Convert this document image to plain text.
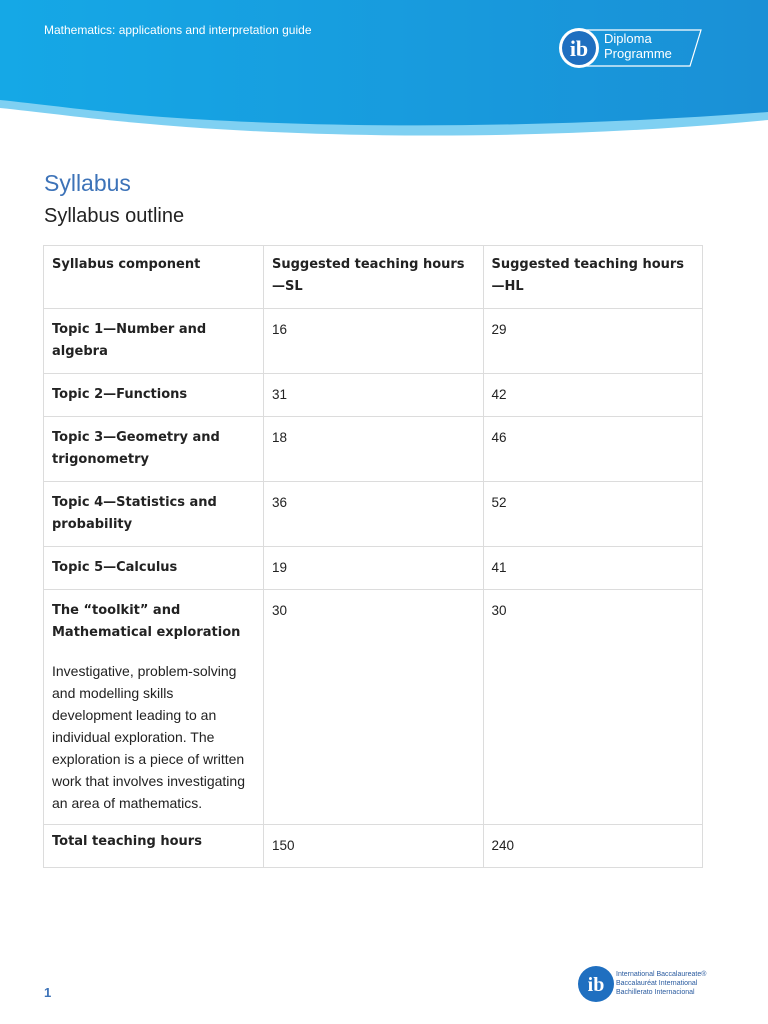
Mathematics: applications and interpretation guide
ib Diploma
Programme
Syllabus
Syllabus outline
Syllabus component	Suggested teaching hours—SL	Suggested teaching hours—HL
Topic 1—Number and algebra	16	29
Topic 2—Functions	31	42
Topic 3—Geometry and trigonometry	18	46
Topic 4—Statistics and probability	36	52
Topic 5—Calculus	19	41

The “toolkit” and Mathematical exploration
Investigative, problem-solving and modelling skills development leading to an individual exploration. The exploration is a piece of written work that involves investigating an area of mathematics.	30	30
Total teaching hours	150	240
1	ib International Baccalaureate®
Baccalauréat International
Bachillerato Internacional
